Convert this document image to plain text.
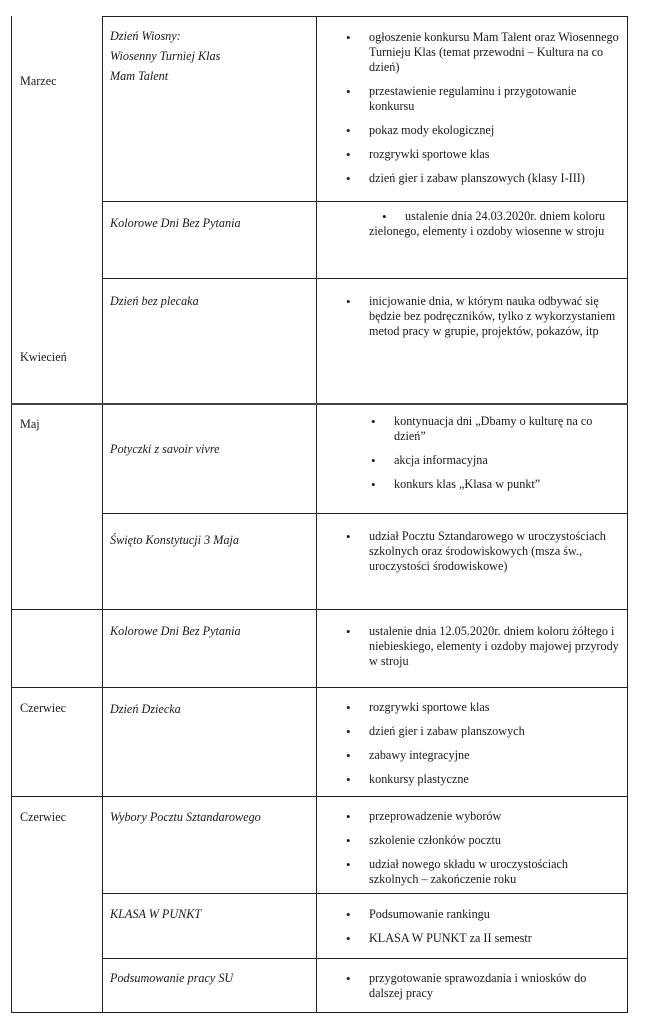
Marzec
Kwiecień
Maj
Czerwiec
Czerwiec
Dzień Wiosny:
Wiosenny Turniej Klas
Mam Talent
Kolorowe Dni Bez Pytania
Dzień bez plecaka
Potyczki z savoir vivre
Święto Konstytucji 3 Maja
Kolorowe Dni Bez Pytania
Dzień Dziecka
Wybory Pocztu Sztandarowego
KLASA W PUNKT
Podsumowanie pracy SU
• ogłoszenie konkursu Mam Talent oraz Wiosennego Turnieju Klas (temat przewodni – Kultura na co dzień)
• przestawienie regulaminu i przygotowanie konkursu
• pokaz mody ekologicznej
• rozgrywki sportowe klas
• dzień gier i zabaw planszowych (klasy I-III)
• ustalenie dnia 24.03.2020r. dniem koloru zielonego, elementy i ozdoby wiosenne w stroju
• inicjowanie dnia, w którym nauka odbywać się będzie bez podręczników, tylko z wykorzystaniem metod pracy w grupie, projektów, pokazów, itp
• kontynuacja dni „Dbamy o kulturę na co dzień”
• akcja informacyjna
• konkurs klas „Klasa w punkt”
• udział Pocztu Sztandarowego w uroczystościach szkolnych oraz środowiskowych (msza św., uroczystości środowiskowe)
• ustalenie dnia 12.05.2020r. dniem koloru żółtego i niebieskiego, elementy i ozdoby majowej przyrody w stroju
• rozgrywki sportowe klas
• dzień gier i zabaw planszowych
• zabawy integracyjne
• konkursy plastyczne
• przeprowadzenie wyborów
• szkolenie członków pocztu
• udział nowego składu w uroczystościach szkolnych – zakończenie roku
• Podsumowanie rankingu
• KLASA W PUNKT za II semestr
• przygotowanie sprawozdania i wniosków do dalszej pracy
